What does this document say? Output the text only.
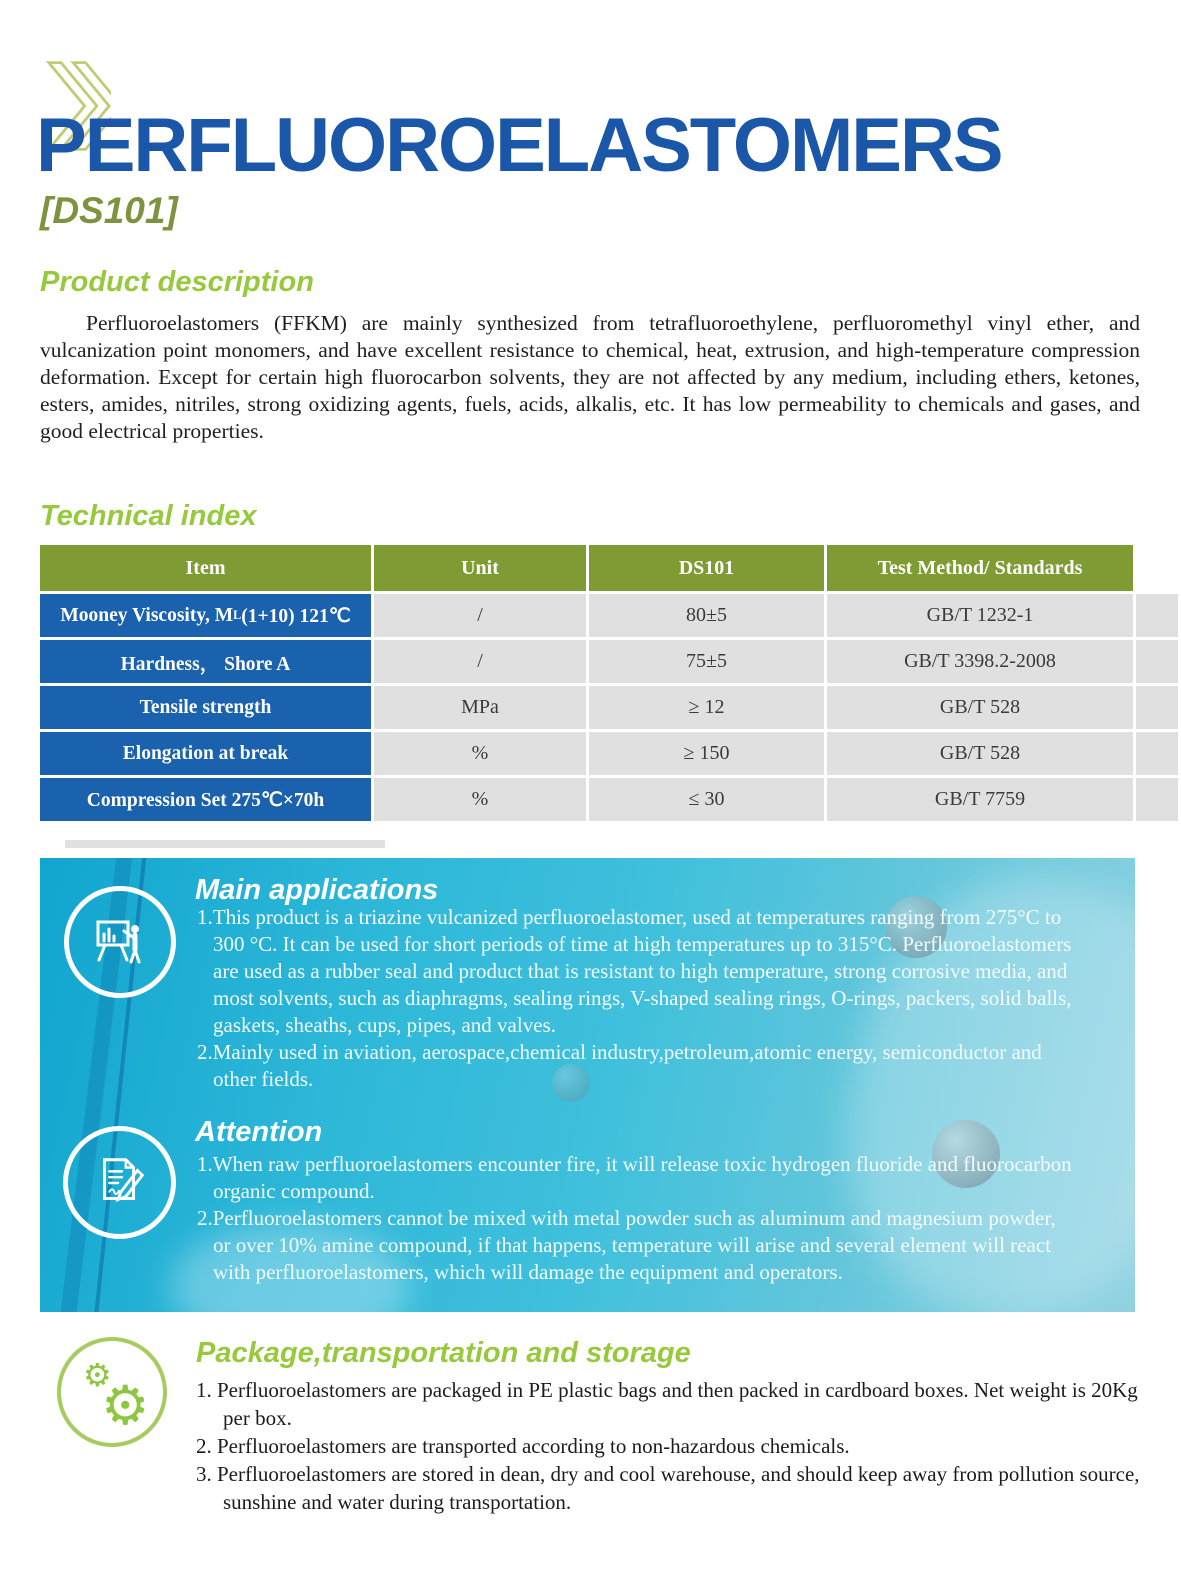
PERFLUOROELASTOMERS
[DS101]
Product description

Perfluoroelastomers (FFKM) are mainly synthesized from tetrafluoroethylene, perfluoromethyl vinyl ether, and vulcanization point monomers, and have excellent resistance to chemical, heat, extrusion, and high-temperature compression deformation. Except for certain high fluorocarbon solvents, they are not affected by any medium, including ethers, ketones, esters, amides, nitriles, strong oxidizing agents, fuels, acids, alkalis, etc. It has low permeability to chemicals and gases, and good electrical properties.

Technical index
Item	Unit	DS101	Test Method/ Standards
Mooney Viscosity, M L (1+10) 121℃	/	80±5	GB/T 1232-1
Hardness， Shore A	/	75±5	GB/T 3398.2-2008
Tensile strength	MPa	≥ 12	GB/T 528
Elongation at break	%	≥ 150	GB/T 528
Compression Set 275℃×70h	%	≤ 30	GB/T 7759
Main applications
1.This product is a triazine vulcanized perfluoroelastomer, used at temperatures ranging from 275°C to 300 °C. It can be used for short periods of time at high temperatures up to 315°C. Perfluoroelastomers are used as a rubber seal and product that is resistant to high temperature, strong corrosive media, and most solvents, such as diaphragms, sealing rings, V-shaped sealing rings, O-rings, packers, solid balls, gaskets, sheaths, cups, pipes, and valves.
2.Mainly used in aviation, aerospace,chemical industry,petroleum,atomic energy, semiconductor and other fields.
Attention
1.When raw perfluoroelastomers encounter fire, it will release toxic hydrogen fluoride and fluorocarbon organic compound.
2.Perfluoroelastomers cannot be mixed with metal powder such as aluminum and magnesium powder, or over 10% amine compound, if that happens, temperature will arise and several element will react with perfluoroelastomers, which will damage the equipment and operators.
⚙
⚙
Package,transportation and storage
1. Perfluoroelastomers are packaged in PE plastic bags and then packed in cardboard boxes. Net weight is 20Kg per box.
2. Perfluoroelastomers are transported according to non-hazardous chemicals.
3. Perfluoroelastomers are stored in dean, dry and cool warehouse, and should keep away from pollution source, sunshine and water during transportation.
